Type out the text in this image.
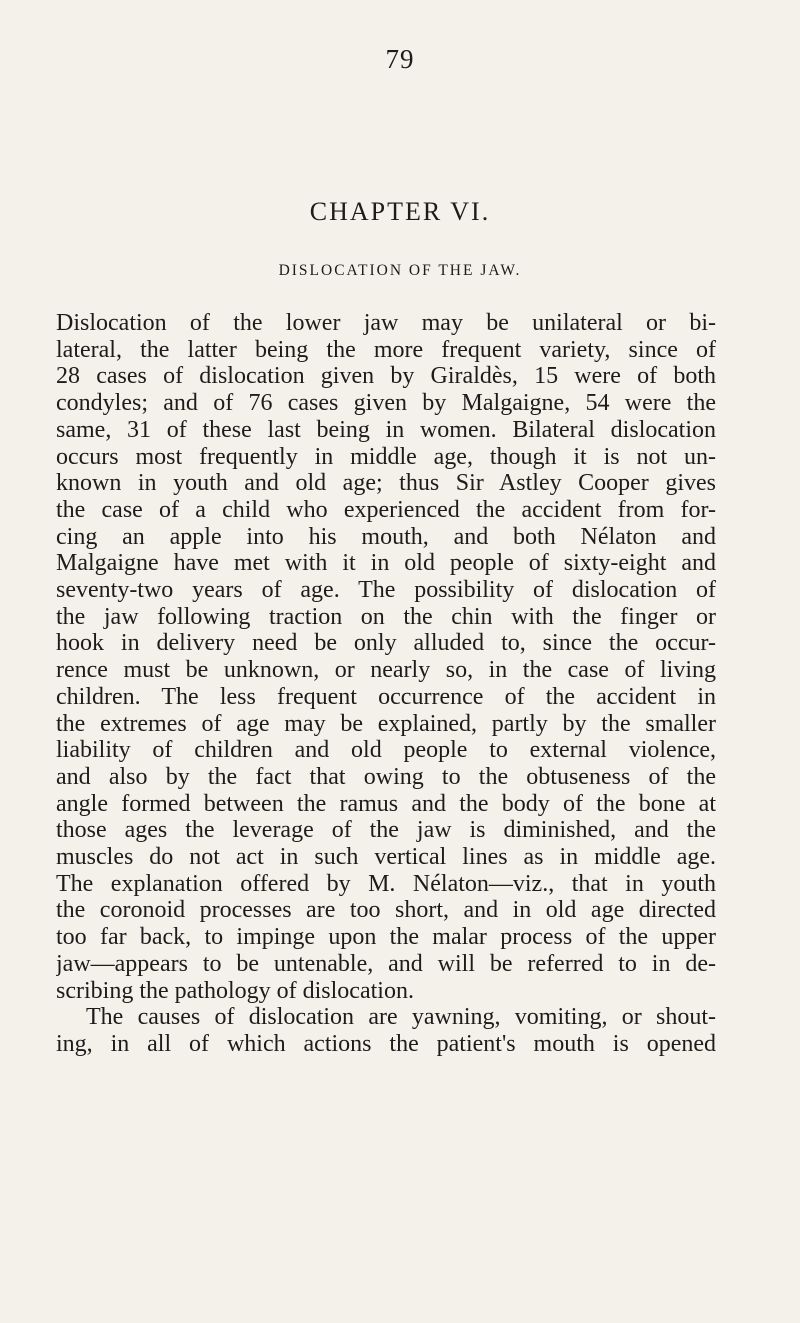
79
CHAPTER VI.
DISLOCATION OF THE JAW.

Dislocation of the lower jaw may be unilateral or bi-

lateral, the latter being the more frequent variety, since of

28 cases of dislocation given by Giraldès, 15 were of both

condyles; and of 76 cases given by Malgaigne, 54 were the

same, 31 of these last being in women. Bilateral dislocation

occurs most frequently in middle age, though it is not un-

known in youth and old age; thus Sir Astley Cooper gives

the case of a child who experienced the accident from for-

cing an apple into his mouth, and both Nélaton and

Malgaigne have met with it in old people of sixty-eight and

seventy-two years of age. The possibility of dislocation of

the jaw following traction on the chin with the finger or

hook in delivery need be only alluded to, since the occur-

rence must be unknown, or nearly so, in the case of living

children. The less frequent occurrence of the accident in

the extremes of age may be explained, partly by the smaller

liability of children and old people to external violence,

and also by the fact that owing to the obtuseness of the

angle formed between the ramus and the body of the bone at

those ages the leverage of the jaw is diminished, and the

muscles do not act in such vertical lines as in middle age.

The explanation offered by M. Nélaton—viz., that in youth

the coronoid processes are too short, and in old age directed

too far back, to impinge upon the malar process of the upper

jaw—appears to be untenable, and will be referred to in de-

scribing the pathology of dislocation.

The causes of dislocation are yawning, vomiting, or shout-

ing, in all of which actions the patient's mouth is opened
